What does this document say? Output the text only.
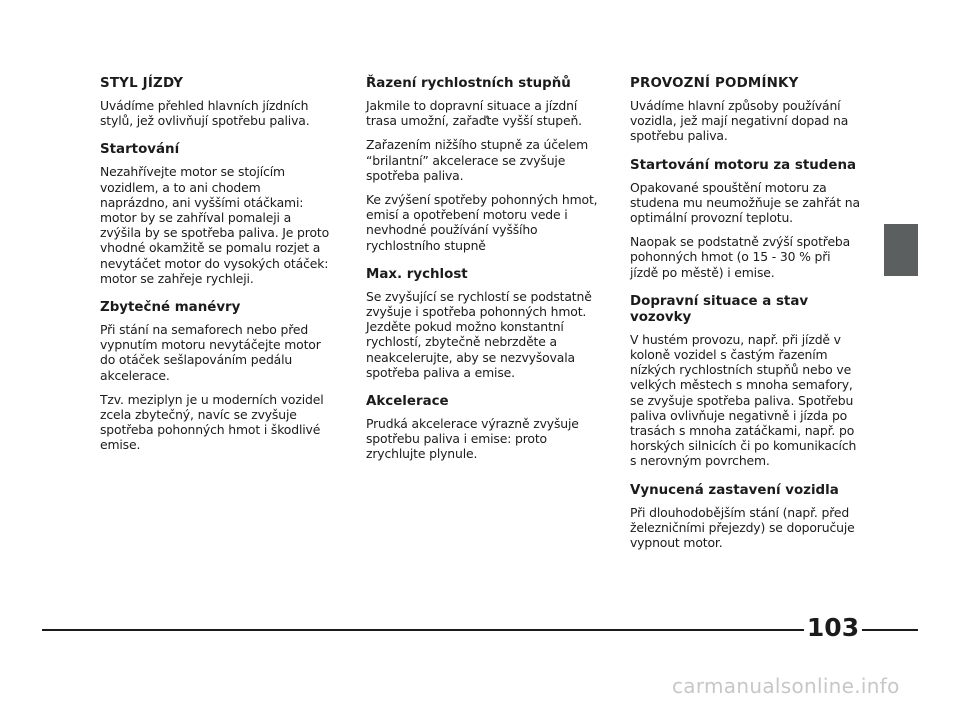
STYL JÍZDY

Uvádíme přehled hlavních jízdních stylů, jež ovlivňují spotřebu paliva.

Startování

Nezahřívejte motor se stojícím vozidlem, a to ani chodem naprázdno, ani vyššími otáčkami: motor by se zahříval pomaleji a zvýšila by se spotřeba paliva. Je proto vhodné okamžitě se pomalu rozjet a nevytáčet motor do vysokých otáček: motor se zahřeje rychleji.

Zbytečné manévry

Při stání na semaforech nebo před vypnutím motoru nevytáčejte motor do otáček sešlapováním pedálu akcelerace.

Tzv. meziplyn je u moderních vozidel zcela zbytečný, navíc se zvyšuje spotřeba pohonných hmot i škodlivé emise.

Řazení rychlostních stupňů

Jakmile to dopravní situace a jízdní trasa umožní, zařaďte vyšší stupeň.

Zařazením nižšího stupně za účelem “brilantní” akcelerace se zvyšuje spotřeba paliva.

Ke zvýšení spotřeby pohonných hmot, emisí a opotřebení motoru vede i nevhodné používání vyššího rychlostního stupně

Max. rychlost

Se zvyšující se rychlostí se podstatně zvyšuje i spotřeba pohonných hmot. Jezděte pokud možno konstantní rychlostí, zbytečně nebrzděte a neakcelerujte, aby se nezvyšovala spotřeba paliva a emise.

Akcelerace

Prudká akcelerace výrazně zvyšuje spotřebu paliva i emise: proto zrychlujte plynule.

PROVOZNÍ PODMÍNKY

Uvádíme hlavní způsoby používání vozidla, jež mají negativní dopad na spotřebu paliva.

Startování motoru za studena

Opakované spouštění motoru za studena mu neumožňuje se zahřát na optimální provozní teplotu.

Naopak se podstatně zvýší spotřeba pohonných hmot (o 15 - 30 % při jízdě po městě) i emise.

Dopravní situace a stav vozovky

V hustém provozu, např. při jízdě v koloně vozidel s častým řazením nízkých rychlostních stupňů nebo ve velkých městech s mnoha semafory, se zvyšuje spotřeba paliva. Spotřebu paliva ovlivňuje negativně i jízda po trasách s mnoha zatáčkami, např. po horských silnicích či po komunikacích s nerovným povrchem.

Vynucená zastavení vozidla

Při dlouhodobějším stání (např. před železničními přejezdy) se doporučuje vypnout motor.

103
carmanualsonline.info
